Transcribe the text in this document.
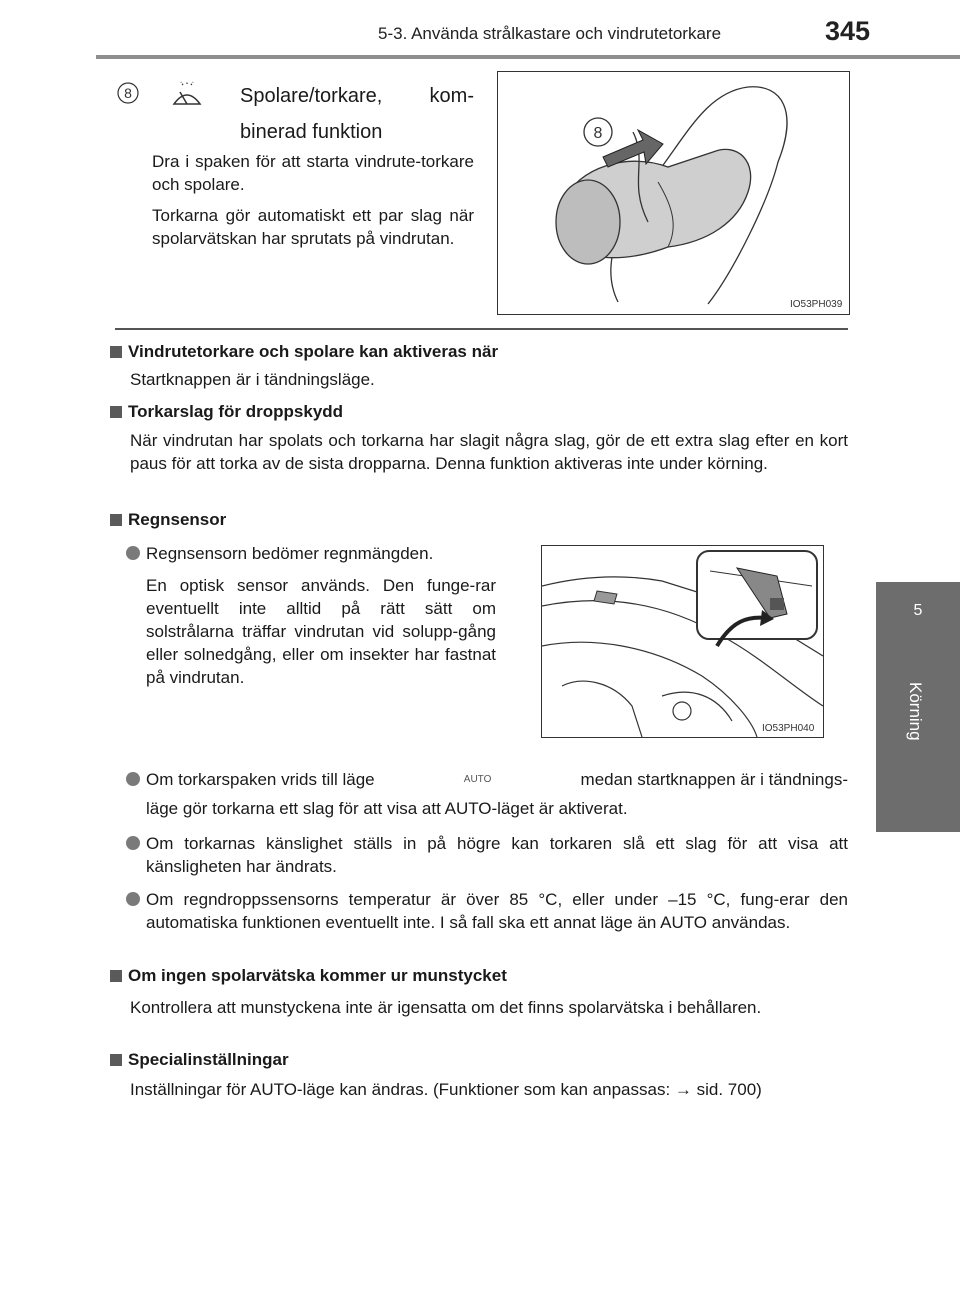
5-3. Använda strålkastare och vindrutetorkare	345
5
Körning
8	Spolare/torkare, kom-
binerad funktion
Dra i spaken för att starta vindrute-torkare och spolare.
Torkarna gör automatiskt ett par slag när spolarvätskan har sprutats på vindrutan.
8
IO53PH039
Vindrutetorkare och spolare kan aktiveras när
Startknappen är i tändningsläge.
Torkarslag för droppskydd
När vindrutan har spolats och torkarna har slagit några slag, gör de ett extra slag efter en kort paus för att torka av de sista dropparna. Denna funktion aktiveras inte under körning.
Regnsensor
Regnsensorn bedömer regnmängden.
En optisk sensor används. Den funge-rar eventuellt inte alltid på rätt sätt om solstrålarna träffar vindrutan vid solupp-gång eller solnedgång, eller om insekter har fastnat på vindrutan.
IO53PH040
Om torkarspaken vrids till läge	AUTO	medan startknappen är i tändnings-
läge gör torkarna ett slag för att visa att AUTO-läget är aktiverat.
Om torkarnas känslighet ställs in på högre kan torkaren slå ett slag för att visa att känsligheten har ändrats.
Om regndroppssensorns temperatur är över 85 °C, eller under –15 °C, fung-erar den automatiska funktionen eventuellt inte. I så fall ska ett annat läge än AUTO användas.
Om ingen spolarvätska kommer ur munstycket
Kontrollera att munstyckena inte är igensatta om det finns spolarvätska i behållaren.
Specialinställningar
Inställningar för AUTO-läge kan ändras. (Funktioner som kan anpassas: → sid. 700)
